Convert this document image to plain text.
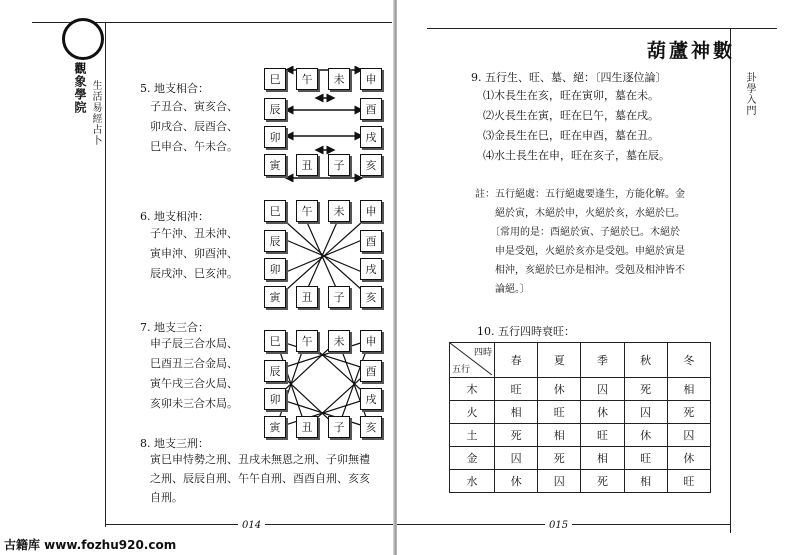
觀象學院 生活易經占卜	5. 地支相合：
子丑合、寅亥合、
卯戌合、辰酉合、
巳申合、午未合。
6. 地支相沖：
子午沖、丑未沖、
寅申沖、卯酉沖、
辰戌沖、巳亥沖。
7. 地支三合：
申子辰三合水局、
巳酉丑三合金局、
寅午戌三合火局、
亥卯未三合木局。
8. 地支三刑：
寅巳申恃勢之刑、丑戌未無恩之刑、子卯無禮
之刑、辰辰自刑、午午自刑、酉酉自刑、亥亥
自刑。
巳	午	未	申
辰
卯
酉
戌
寅	丑	子	亥
巳	午	未	申
辰
卯
酉
戌
寅	丑	子	亥
巳	午	未	申
辰
卯
酉
戌
寅	丑	子	亥
014
葫蘆神數
卦學入門
9. 五行生、旺、墓、絕：〔四生逐位論〕
⑴木長生在亥，旺在寅卯，墓在未。
⑵火長生在寅，旺在巳午，墓在戌。
⑶金長生在巳，旺在申酉，墓在丑。
⑷水土長生在申，旺在亥子，墓在辰。
註：五行絕處：五行絕處要逢生，方能化解。金
　　絕於寅，木絕於申，火絕於亥，水絕於巳。
　　〔常用的是：酉絕於寅、子絕於巳。木絕於
　　申是受剋，火絕於亥亦是受剋。申絕於寅是
　　相沖，亥絕於巳亦是相沖。受剋及相沖皆不
　　論絕。〕
10. 五行四時衰旺：
四時
五行	春	夏	季	秋	冬
木	旺	休	囚	死	相
火	相	旺	休	囚	死
土	死	相	旺	休	囚
金	囚	死	相	旺	休
水	休	囚	死	相	旺
015
古籍库 www.fozhu920.com
